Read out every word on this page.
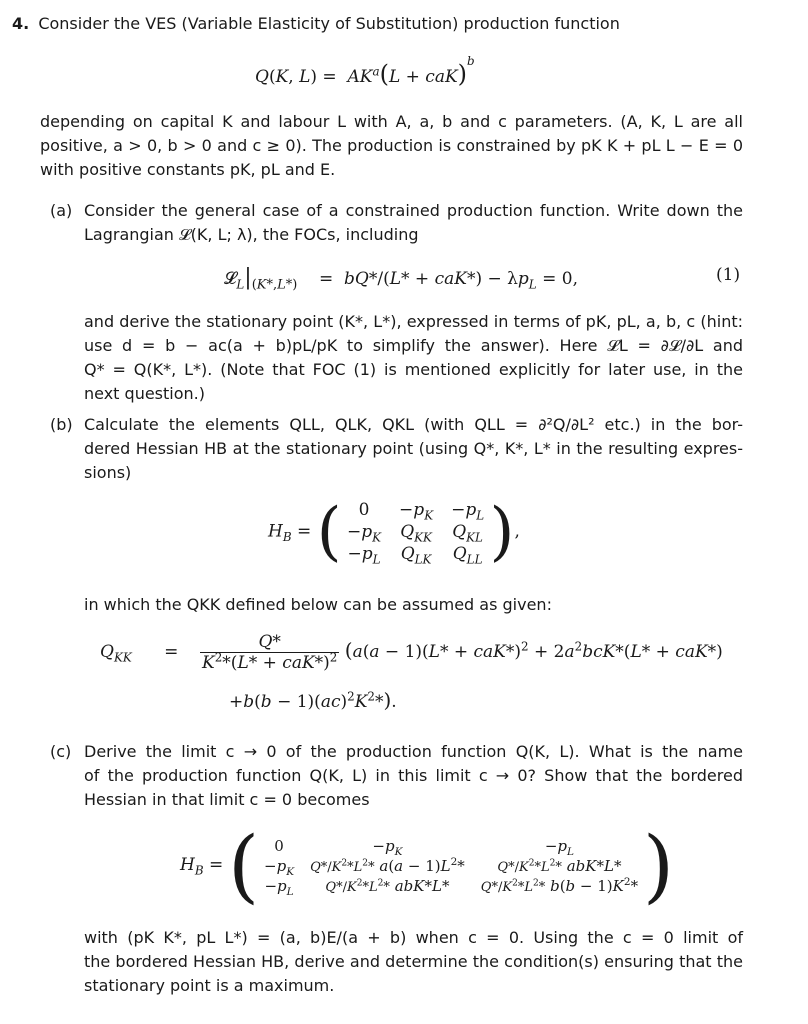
4. Consider the VES (Variable Elasticity of Substitution) production function
Q(K, $L) = AK^a(L + caK)^b$
depending on capital K and labour L with A, a, b and c parameters. (A, K, L are all
positive, a > 0, b > 0 and c ≥ 0). The production is constrained by pK K + pL L − E = 0
with positive constants pK, pL and E.
(a) Consider the general case of a constrained production function. Write down the
Lagrangian 𝓛(K, L; λ), the FOCs, including
$𝓛_L|_{(K*,L*)}$    =  $bQ*/(L* + caK*) - \lambda p_L = 0$,	(1)
and derive the stationary point (K*, L*), expressed in terms of pK, pL, a, b, c (hint:
use d = b − ac(a + b)pL/pK to simplify the answer). Here 𝓛L = ∂𝓛/∂L and
Q* = Q(K*, L*). (Note that FOC (1) is mentioned explicitly for later use, in the
next question.)
(b) Calculate the elements QLL, QLK, QKL (with QLL = ∂²Q/∂L² etc.) in the bor-
dered Hessian HB at the stationary point (using Q*, K*, L* in the resulting expres-
sions)
$H_B$ = (	0	$-p_K -p_L$
$-p_K$ $Q_{KK}$ $Q_{KL}$
$-p_L$ $Q_{LK}$ $Q_{LL}$ ),
in which the QKK defined below can be assumed as given:
$Q_{KK}$      = $\frac{Q*}{K^2*(L* + caK*)^2} (a(a - 1)(L* + caK*)^2 + 2a^2bcK*(L* + caK*)$
$+b(b - 1)(ac)^2K^2*$).
(c) Derive the limit c → 0 of the production function Q(K, L). What is the name
of the production function Q(K, L) in this limit c → 0? Show that the bordered
Hessian in that limit c = 0 becomes
$H_B$ = (	0	$-p_K$	$-p_L$
$-p_K$ $Q*/K^2*L^2*$ $a(a - 1)L^2*$	$Q*/K^2*L^2*$ abK*L*
$-p_L$	$Q*/K^2*L^2*$ abK*L*	$Q*/K^2*L^2*$ $b(b - 1)K^2*$ )
with (pK K*, pL L*) = (a, b)E/(a + b) when c = 0. Using the c = 0 limit of
the bordered Hessian HB, derive and determine the condition(s) ensuring that the
stationary point is a maximum.
